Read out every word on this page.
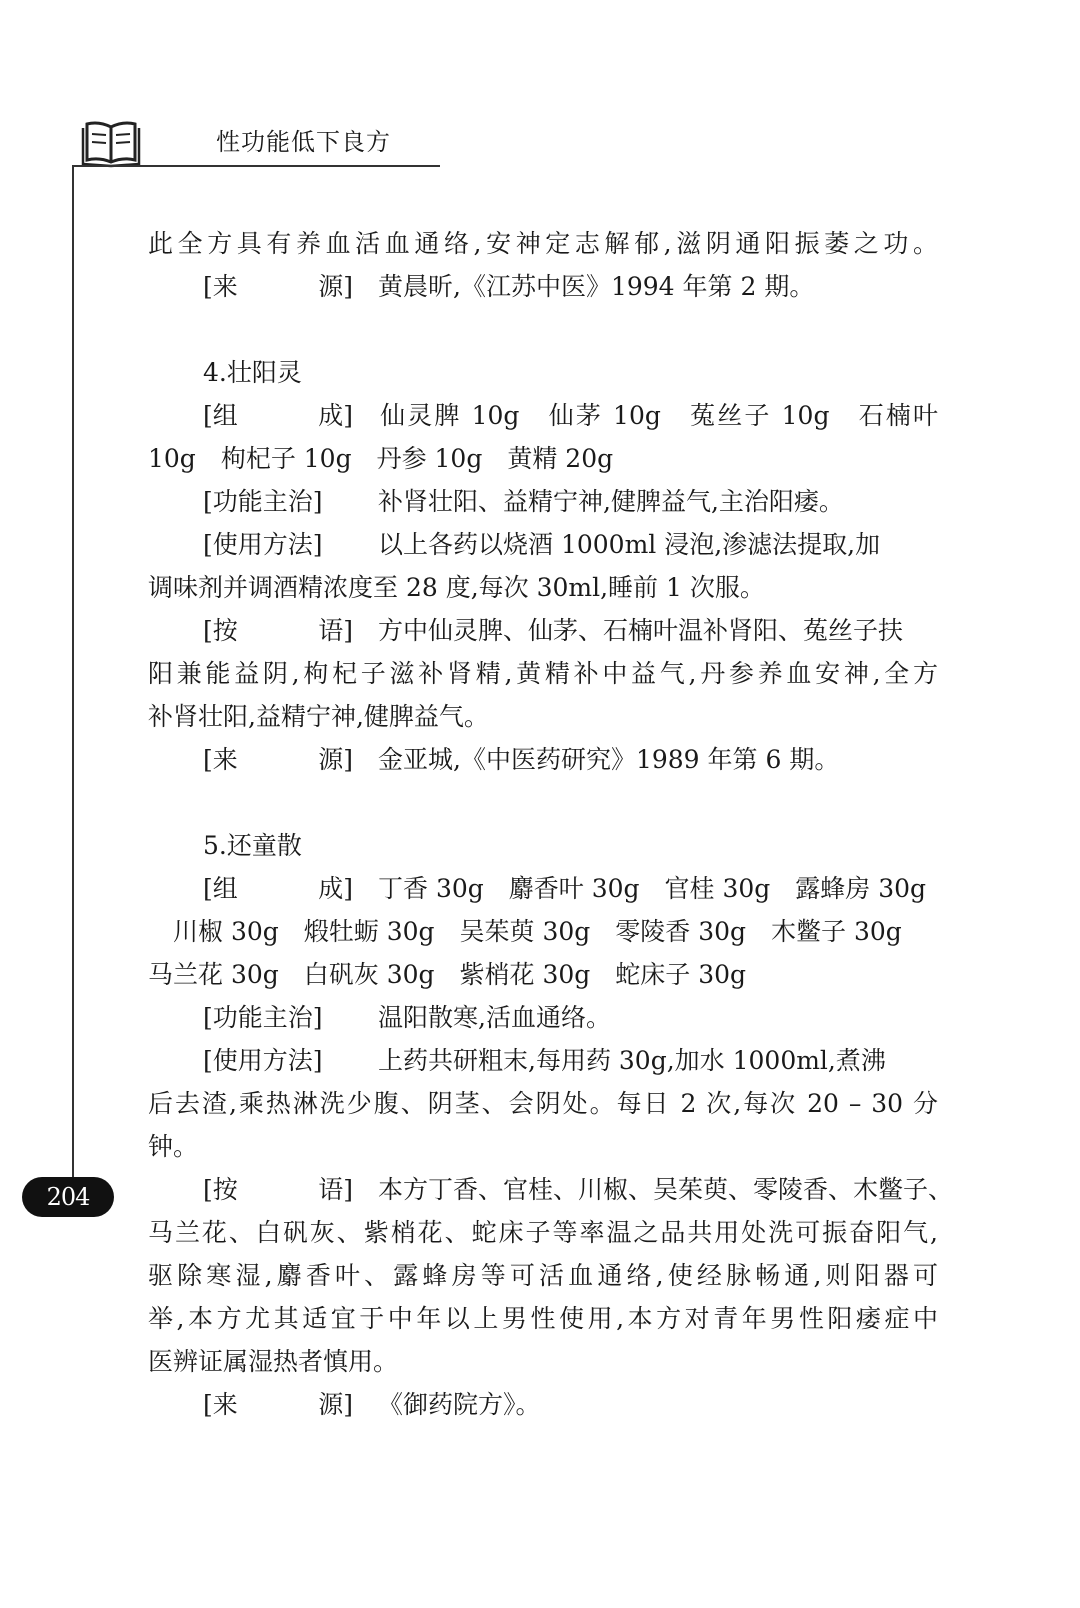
性功能低下良方
204
此全方具有养血活血通络,安神定志解郁,滋阴通阳振萎之功。
[来	源] 黄晨昕,《江苏中医》1994 年第 2 期。
4.壮阳灵
[组	成] 仙灵脾 10g　仙茅 10g　菟丝子 10g　石楠叶
10g　枸杞子 10g　丹参 10g　黄精 20g
[功能主治] 补肾壮阳、益精宁神,健脾益气,主治阳痿。
[使用方法] 以上各药以烧酒 1000ml 浸泡,渗滤法提取,加
调味剂并调酒精浓度至 28 度,每次 30ml,睡前 1 次服。
[按	语] 方中仙灵脾、仙茅、石楠叶温补肾阳、菟丝子扶
阳兼能益阴,枸杞子滋补肾精,黄精补中益气,丹参养血安神,全方
补肾壮阳,益精宁神,健脾益气。
[来	源] 金亚城,《中医药研究》1989 年第 6 期。
5.还童散
[组	成] 丁香 30g　麝香叶 30g　官桂 30g　露蜂房 30g
　川椒 30g　煅牡蛎 30g　吴茱萸 30g　零陵香 30g　木鳖子 30g
马兰花 30g　白矾灰 30g　紫梢花 30g　蛇床子 30g
[功能主治] 温阳散寒,活血通络。
[使用方法] 上药共研粗末,每用药 30g,加水 1000ml,煮沸
后去渣,乘热淋洗少腹、阴茎、会阴处。每日 2 次,每次 20 – 30 分
钟。
[按	语] 本方丁香、官桂、川椒、吴茱萸、零陵香、木鳖子、
马兰花、白矾灰、紫梢花、蛇床子等率温之品共用处洗可振奋阳气,
驱除寒湿,麝香叶、露蜂房等可活血通络,使经脉畅通,则阳器可
举,本方尤其适宜于中年以上男性使用,本方对青年男性阳痿症中
医辨证属湿热者慎用。
[来	源] 《御药院方》。
